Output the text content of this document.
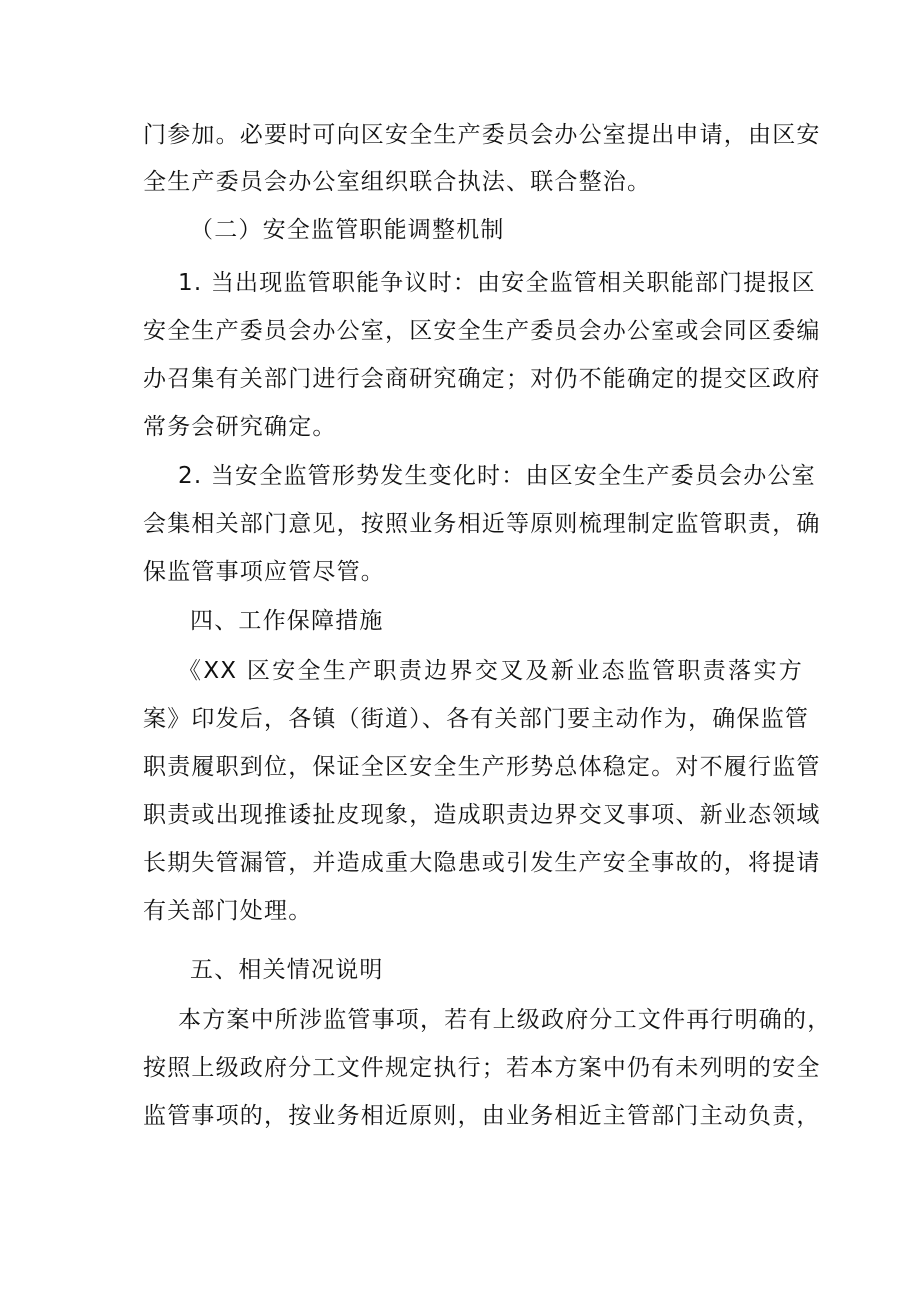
门参加。必要时可向区安全生产委员会办公室提出申请，由区安
全生产委员会办公室组织联合执法、联合整治。
（二）安全监管职能调整机制
1. 当出现监管职能争议时：由安全监管相关职能部门提报区
安全生产委员会办公室，区安全生产委员会办公室或会同区委编
办召集有关部门进行会商研究确定；对仍不能确定的提交区政府
常务会研究确定。
2. 当安全监管形势发生变化时：由区安全生产委员会办公室
会集相关部门意见，按照业务相近等原则梳理制定监管职责，确
保监管事项应管尽管。
四、工作保障措施
《XX 区安全生产职责边界交叉及新业态监管职责落实方
案》印发后，各镇（街道）、各有关部门要主动作为，确保监管
职责履职到位，保证全区安全生产形势总体稳定。对不履行监管
职责或出现推诿扯皮现象，造成职责边界交叉事项、新业态领域
长期失管漏管，并造成重大隐患或引发生产安全事故的，将提请
有关部门处理。
五、相关情况说明
本方案中所涉监管事项，若有上级政府分工文件再行明确的，
按照上级政府分工文件规定执行；若本方案中仍有未列明的安全
监管事项的，按业务相近原则，由业务相近主管部门主动负责，
